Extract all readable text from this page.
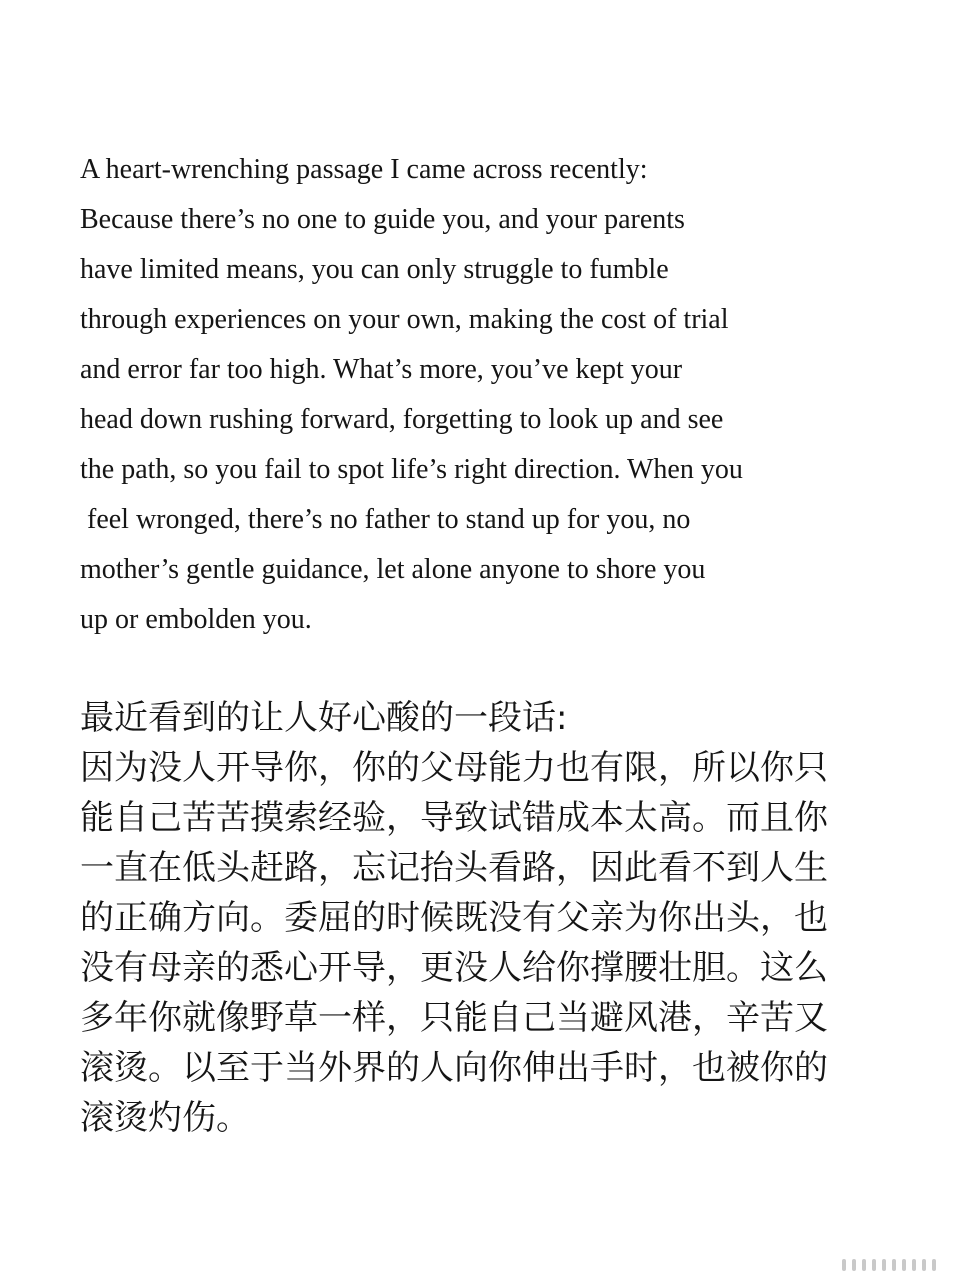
A heart-wrenching passage I came across recently:
Because there’s no one to guide you, and your parents
have limited means, you can only struggle to fumble
through experiences on your own, making the cost of trial
and error far too high. What’s more, you’ve kept your
head down rushing forward, forgetting to look up and see
the path, so you fail to spot life’s right direction. When you
feel wronged, there’s no father to stand up for you, no
mother’s gentle guidance, let alone anyone to shore you
up or embolden you.
最近看到的让人好心酸的一段话:
因为没人开导你，你的父母能力也有限，所以你只
能自己苦苦摸索经验，导致试错成本太高。而且你
一直在低头赶路，忘记抬头看路，因此看不到人生
的正确方向。委屈的时候既没有父亲为你出头，也
没有母亲的悉心开导，更没人给你撑腰壮胆。这么
多年你就像野草一样，只能自己当避风港，辛苦又
滚烫。以至于当外界的人向你伸出手时，也被你的
滚烫灼伤。
